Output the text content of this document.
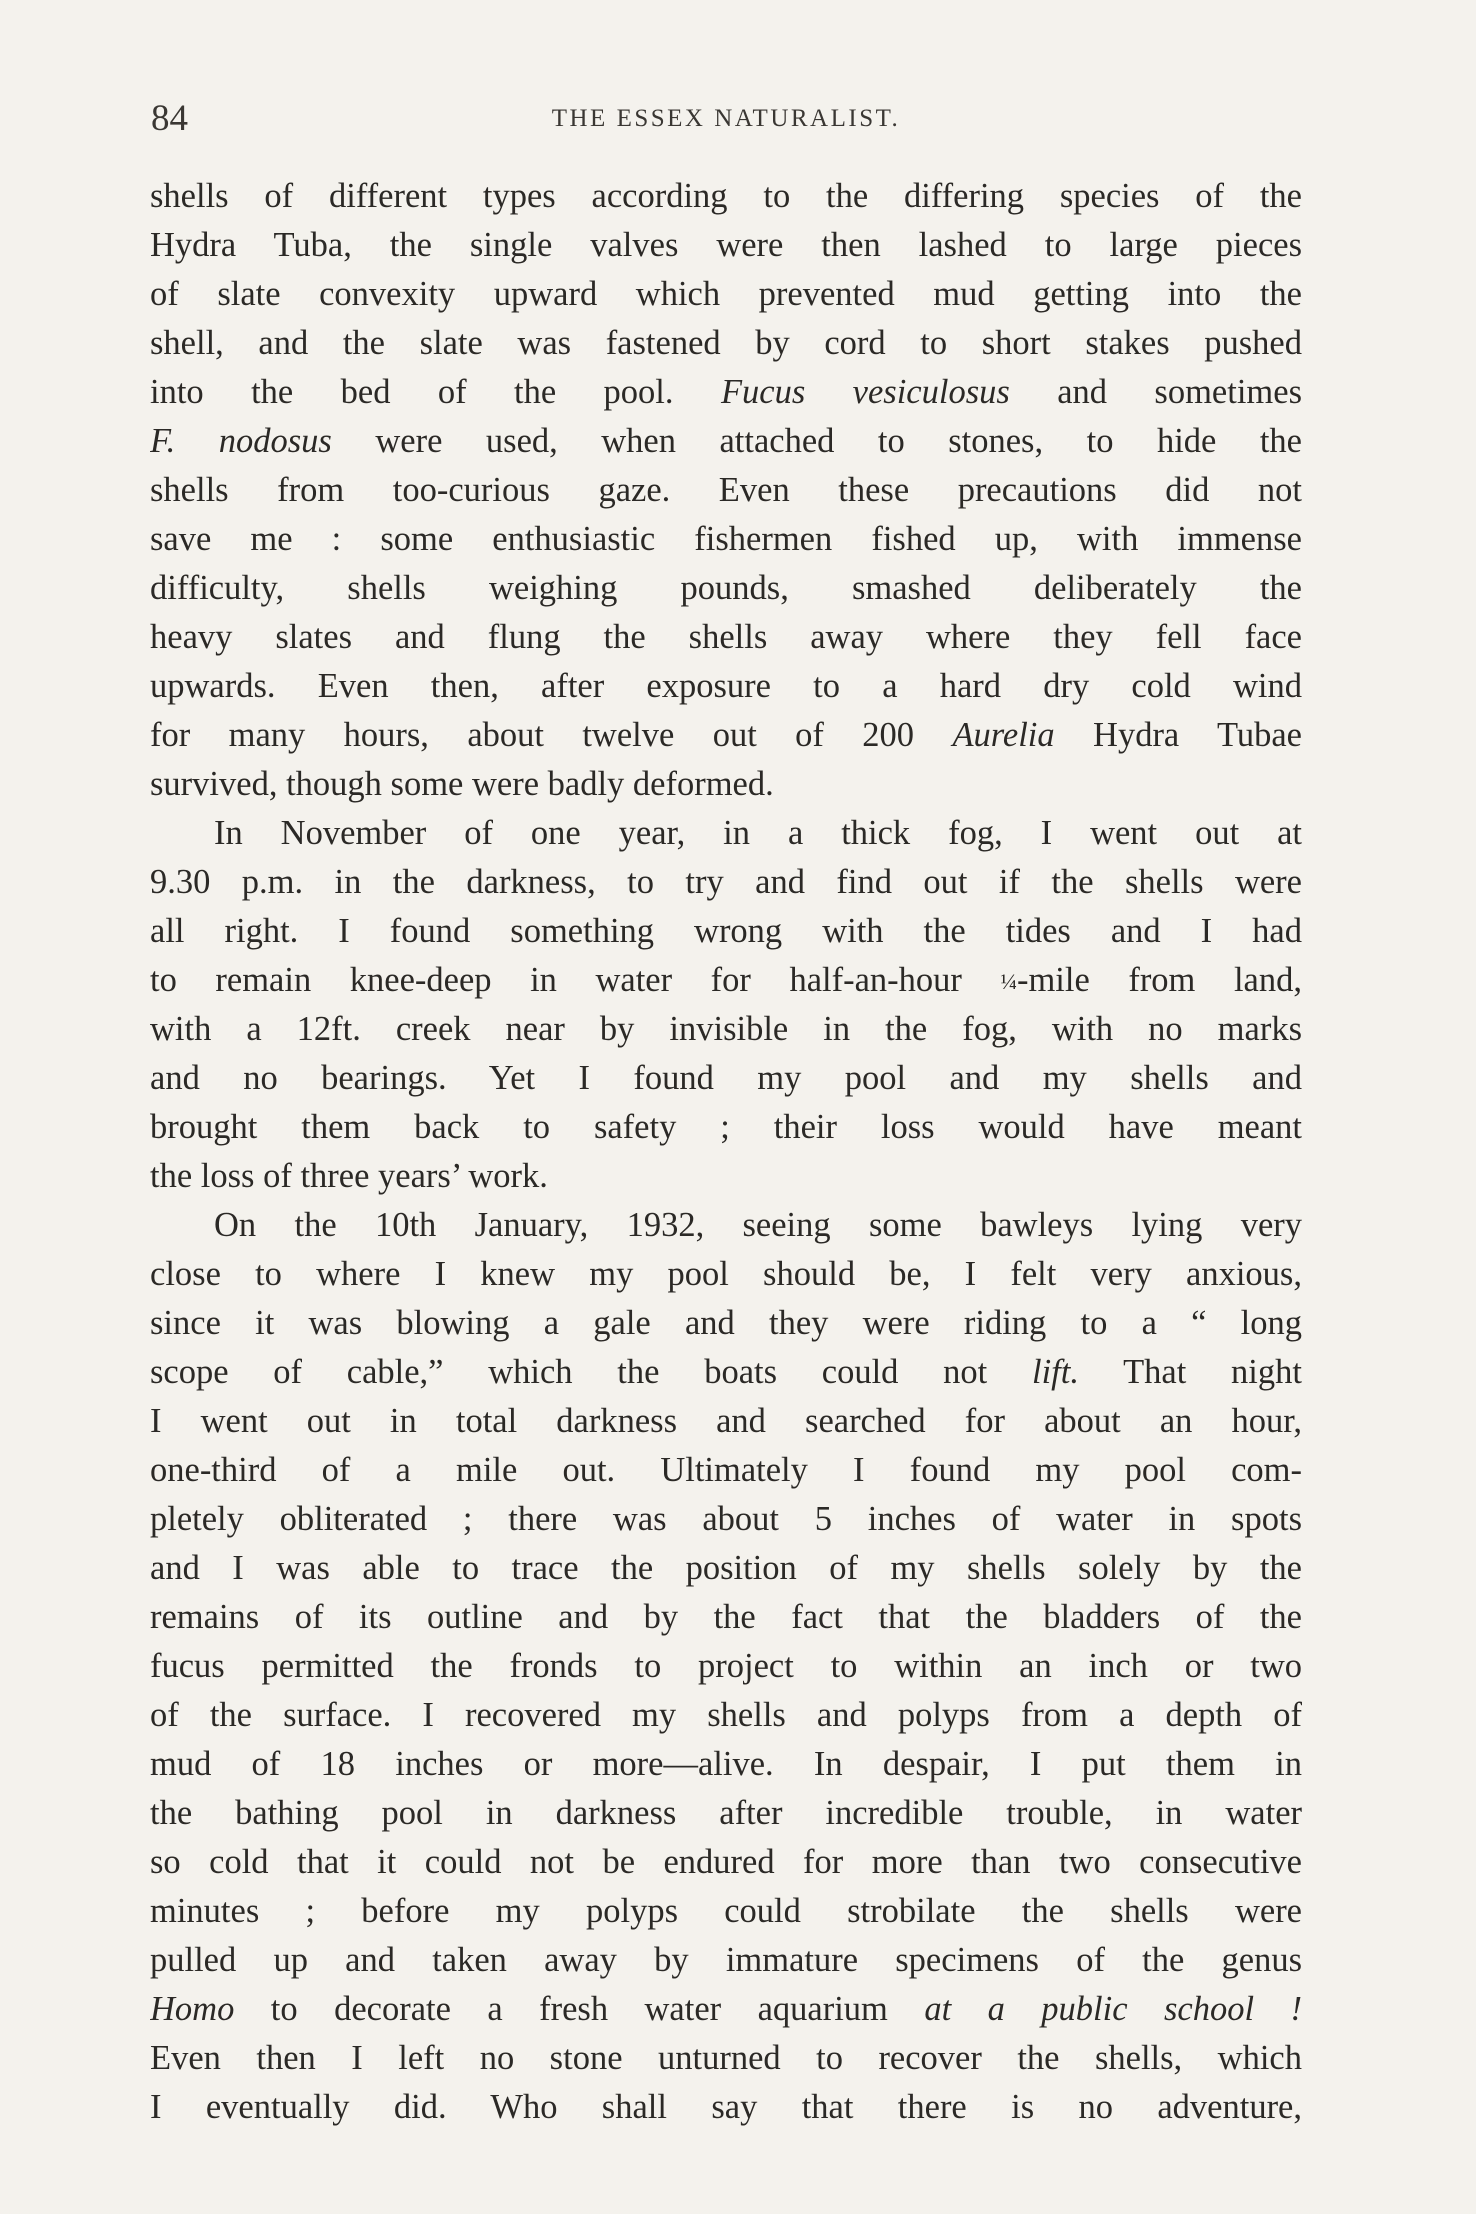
84	THE ESSEX NATURALIST.
shells of different types according to the differing species of the
Hydra Tuba, the single valves were then lashed to large pieces
of slate convexity upward which prevented mud getting into the
shell, and the slate was fastened by cord to short stakes pushed
into the bed of the pool. Fucus vesiculosus and sometimes
F. nodosus were used, when attached to stones, to hide the
shells from too-curious gaze. Even these precautions did not
save me : some enthusiastic fishermen fished up, with immense
difficulty, shells weighing pounds, smashed deliberately the
heavy slates and flung the shells away where they fell face
upwards. Even then, after exposure to a hard dry cold wind
for many hours, about twelve out of 200 Aurelia Hydra Tubae
survived, though some were badly deformed.
In November of one year, in a thick fog, I went out at
9.30 p.m. in the darkness, to try and find out if the shells were
all right. I found something wrong with the tides and I had
to remain knee-deep in water for half-an-hour ¼-mile from land,
with a 12ft. creek near by invisible in the fog, with no marks
and no bearings. Yet I found my pool and my shells and
brought them back to safety ; their loss would have meant
the loss of three years’ work.
On the 10th January, 1932, seeing some bawleys lying very
close to where I knew my pool should be, I felt very anxious,
since it was blowing a gale and they were riding to a “ long
scope of cable,” which the boats could not lift. That night
I went out in total darkness and searched for about an hour,
one-third of a mile out. Ultimately I found my pool com-
pletely obliterated ; there was about 5 inches of water in spots
and I was able to trace the position of my shells solely by the
remains of its outline and by the fact that the bladders of the
fucus permitted the fronds to project to within an inch or two
of the surface. I recovered my shells and polyps from a depth of
mud of 18 inches or more—alive. In despair, I put them in
the bathing pool in darkness after incredible trouble, in water
so cold that it could not be endured for more than two consecutive
minutes ; before my polyps could strobilate the shells were
pulled up and taken away by immature specimens of the genus
Homo to decorate a fresh water aquarium at a public school !
Even then I left no stone unturned to recover the shells, which
I eventually did. Who shall say that there is no adventure,
